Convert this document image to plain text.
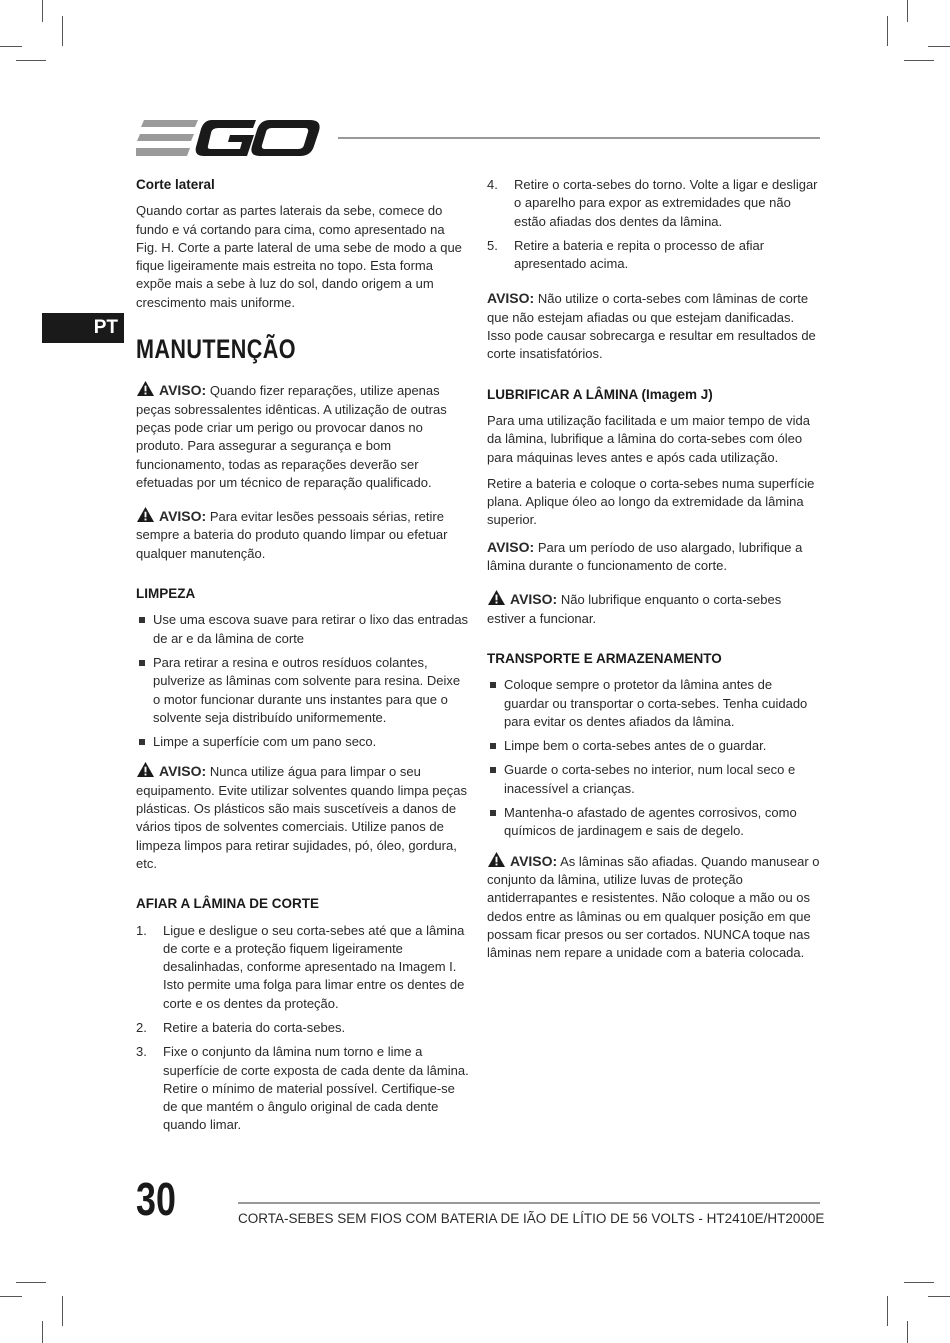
PT
Corte lateral

Quando cortar as partes laterais da sebe, comece do fundo e vá cortando para cima, como apresentado na Fig. H. Corte a parte lateral de uma sebe de modo a que fique ligeiramente mais estreita no topo. Esta forma expõe mais a sebe à luz do sol, dando origem a um crescimento mais uniforme.

MANUTENÇÃO

AVISO: Quando fizer reparações, utilize apenas peças sobressalentes idênticas. A utilização de outras peças pode criar um perigo ou provocar danos no produto. Para assegurar a segurança e bom funcionamento, todas as reparações deverão ser efetuadas por um técnico de reparação qualificado.

AVISO: Para evitar lesões pessoais sérias, retire sempre a bateria do produto quando limpar ou efetuar qualquer manutenção.

LIMPEZA
Use uma escova suave para retirar o lixo das entradas de ar e da lâmina de corte
Para retirar a resina e outros resíduos colantes, pulverize as lâminas com solvente para resina. Deixe o motor funcionar durante uns instantes para que o solvente seja distribuído uniformemente.
Limpe a superfície com um pano seco.

AVISO: Nunca utilize água para limpar o seu equipamento. Evite utilizar solventes quando limpa peças plásticas. Os plásticos são mais suscetíveis a danos de vários tipos de solventes comerciais. Utilize panos de limpeza limpos para retirar sujidades, pó, óleo, gordura, etc.

AFIAR A LÂMINA DE CORTE
1. Ligue e desligue o seu corta-sebes até que a lâmina de corte e a proteção fiquem ligeiramente desalinhadas, conforme apresentado na Imagem I. Isto permite uma folga para limar entre os dentes de corte e os dentes da proteção.
2. Retire a bateria do corta-sebes.
3. Fixe o conjunto da lâmina num torno e lime a superfície de corte exposta de cada dente da lâmina. Retire o mínimo de material possível. Certifique-se de que mantém o ângulo original de cada dente quando limar.
4. Retire o corta-sebes do torno. Volte a ligar e desligar o aparelho para expor as extremidades que não estão afiadas dos dentes da lâmina.
5. Retire a bateria e repita o processo de afiar apresentado acima.

AVISO: Não utilize o corta-sebes com lâminas de corte que não estejam afiadas ou que estejam danificadas. Isso pode causar sobrecarga e resultar em resultados de corte insatisfatórios.

LUBRIFICAR A LÂMINA (Imagem J)

Para uma utilização facilitada e um maior tempo de vida da lâmina, lubrifique a lâmina do corta-sebes com óleo para máquinas leves antes e após cada utilização.

Retire a bateria e coloque o corta-sebes numa superfície plana. Aplique óleo ao longo da extremidade da lâmina superior.

AVISO: Para um período de uso alargado, lubrifique a lâmina durante o funcionamento de corte.

AVISO: Não lubrifique enquanto o corta-sebes estiver a funcionar.

TRANSPORTE E ARMAZENAMENTO
Coloque sempre o protetor da lâmina antes de guardar ou transportar o corta-sebes. Tenha cuidado para evitar os dentes afiados da lâmina.
Limpe bem o corta-sebes antes de o guardar.
Guarde o corta-sebes no interior, num local seco e inacessível a crianças.
Mantenha-o afastado de agentes corrosivos, como químicos de jardinagem e sais de degelo.

AVISO: As lâminas são afiadas. Quando manusear o conjunto da lâmina, utilize luvas de proteção antiderrapantes e resistentes. Não coloque a mão ou os dedos entre as lâminas ou em qualquer posição em que possam ficar presos ou ser cortados. NUNCA toque nas lâminas nem repare a unidade com a bateria colocada.

30	CORTA-SEBES SEM FIOS COM BATERIA DE IÃO DE LÍTIO DE 56 VOLTS - HT2410E/HT2000E
